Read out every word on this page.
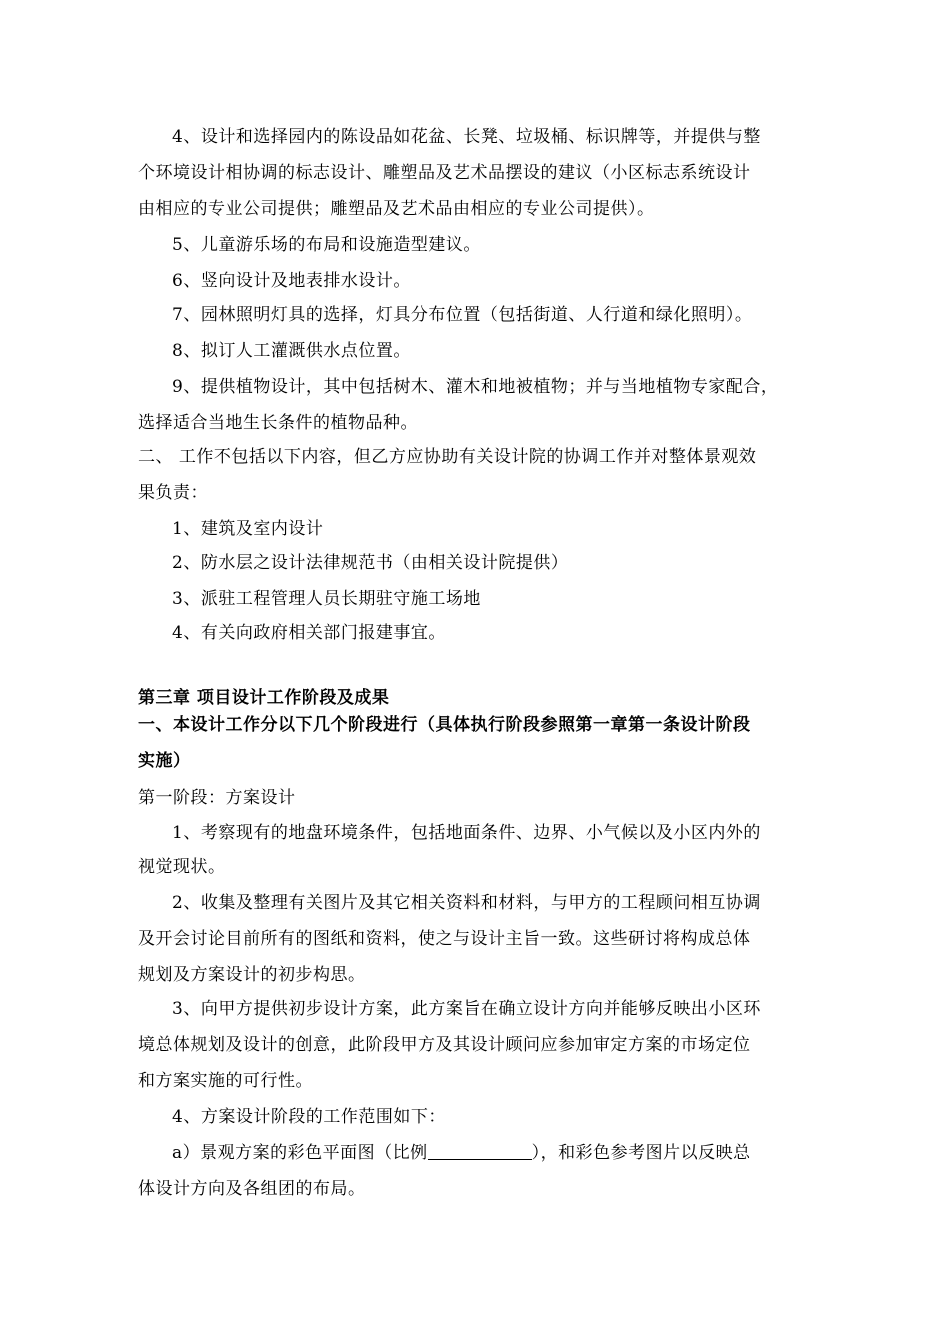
4、设计和选择园内的陈设品如花盆、长凳、垃圾桶、标识牌等，并提供与整
个环境设计相协调的标志设计、雕塑品及艺术品摆设的建议（小区标志系统设计
由相应的专业公司提供；雕塑品及艺术品由相应的专业公司提供）。
5、儿童游乐场的布局和设施造型建议。
6、竖向设计及地表排水设计。
7、园林照明灯具的选择，灯具分布位置（包括街道、人行道和绿化照明）。
8、拟订人工灌溉供水点位置。
9、提供植物设计，其中包括树木、灌木和地被植物；并与当地植物专家配合，
选择适合当地生长条件的植物品种。
二、 工作不包括以下内容，但乙方应协助有关设计院的协调工作并对整体景观效
果负责：
1、建筑及室内设计
2、防水层之设计法律规范书（由相关设计院提供）
3、派驻工程管理人员长期驻守施工场地
4、有关向政府相关部门报建事宜。
第三章 项目设计工作阶段及成果
一、本设计工作分以下几个阶段进行（具体执行阶段参照第一章第一条设计阶段
实施）
第一阶段：方案设计
1、考察现有的地盘环境条件，包括地面条件、边界、小气候以及小区内外的
视觉现状。
2、收集及整理有关图片及其它相关资料和材料，与甲方的工程顾问相互协调
及开会讨论目前所有的图纸和资料，使之与设计主旨一致。这些研讨将构成总体
规划及方案设计的初步构思。
3、向甲方提供初步设计方案，此方案旨在确立设计方向并能够反映出小区环
境总体规划及设计的创意，此阶段甲方及其设计顾问应参加审定方案的市场定位
和方案实施的可行性。
4、方案设计阶段的工作范围如下：
a）景观方案的彩色平面图（比例	），和彩色参考图片以反映总
体设计方向及各组团的布局。
